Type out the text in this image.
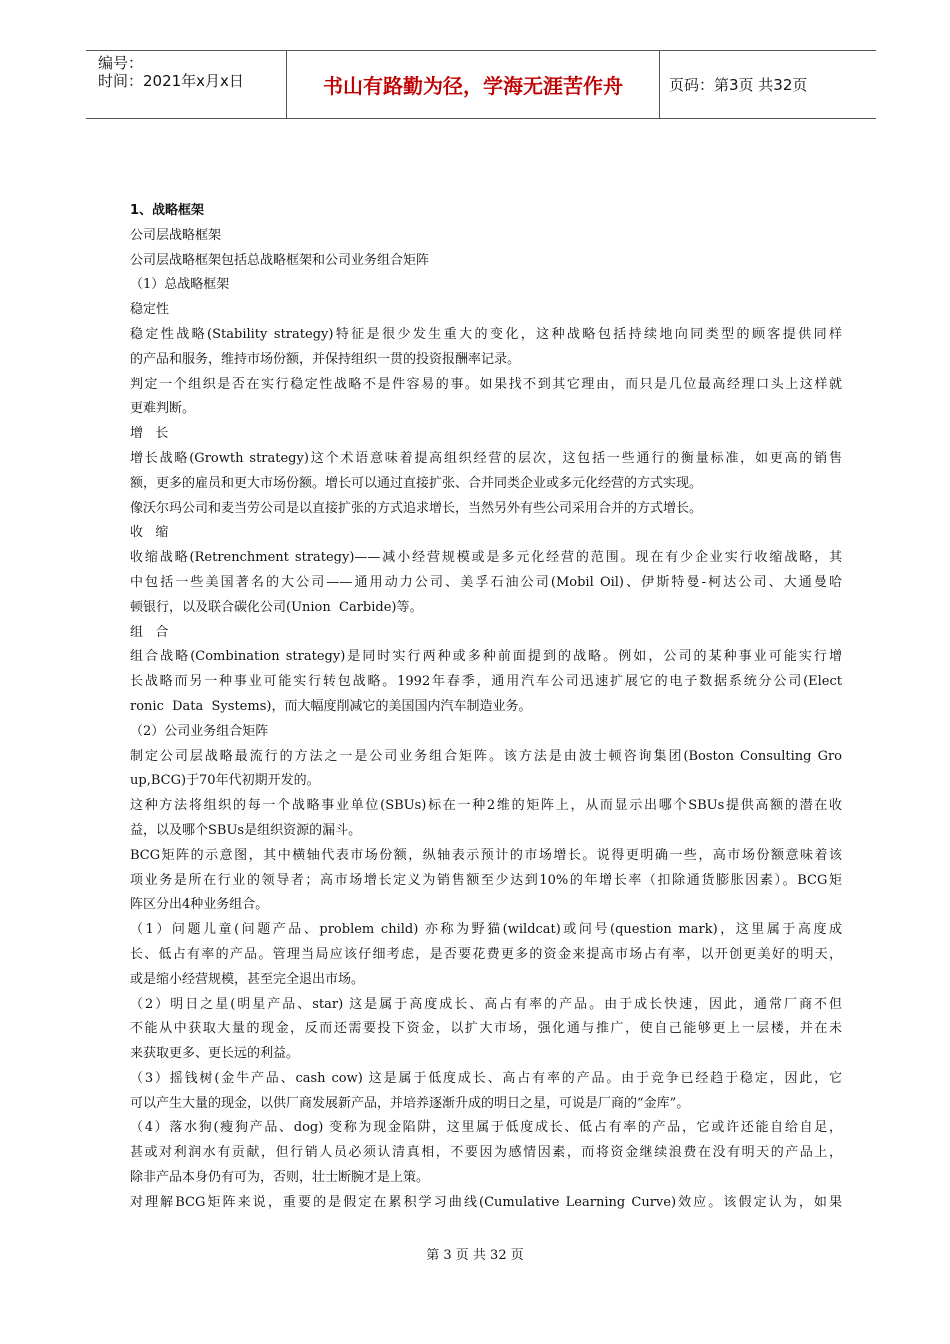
编号：
时间：2021年x月x日	书山有路勤为径，学海无涯苦作舟	页码：第3页 共32页
1、战略框架
公司层战略框架
公司层战略框架包括总战略框架和公司业务组合矩阵
（1）总战略框架
稳定性
稳定性战略(Stability strategy)特征是很少发生重大的变化，这种战略包括持续地向同类型的顾客提供同样
的产品和服务，维持市场份额，并保持组织一贯的投资报酬率记录。
判定一个组织是否在实行稳定性战略不是件容易的事。如果找不到其它理由，而只是几位最高经理口头上这样就
更难判断。
增   长
增长战略(Growth strategy)这个术语意味着提高组织经营的层次，这包括一些通行的衡量标准，如更高的销售
额，更多的雇员和更大市场份额。增长可以通过直接扩张、合并同类企业或多元化经营的方式实现。
像沃尔玛公司和麦当劳公司是以直接扩张的方式追求增长，当然另外有些公司采用合并的方式增长。
收   缩
收缩战略(Retrenchment strategy)——减小经营规模或是多元化经营的范围。现在有少企业实行收缩战略，其
中包括一些美国著名的大公司——通用动力公司、美孚石油公司(Mobil Oil)、伊斯特曼-柯达公司、大通曼哈
顿银行，以及联合碳化公司(Union  Carbide)等。
组   合
组合战略(Combination strategy)是同时实行两种或多种前面提到的战略。例如，公司的某种事业可能实行增
长战略而另一种事业可能实行转包战略。1992年春季，通用汽车公司迅速扩展它的电子数据系统分公司(Elect
ronic  Data  Systems)，而大幅度削减它的美国国内汽车制造业务。
（2）公司业务组合矩阵
制定公司层战略最流行的方法之一是公司业务组合矩阵。该方法是由波士顿咨询集团(Boston Consulting Gro
up,BCG)于70年代初期开发的。
这种方法将组织的每一个战略事业单位(SBUs)标在一种2维的矩阵上，从而显示出哪个SBUs提供高额的潜在收
益，以及哪个SBUs是组织资源的漏斗。
BCG矩阵的示意图，其中横轴代表市场份额，纵轴表示预计的市场增长。说得更明确一些，高市场份额意味着该
项业务是所在行业的领导者；高市场增长定义为销售额至少达到10%的年增长率（扣除通货膨胀因素）。BCG矩
阵区分出4种业务组合。
（1）问题儿童(问题产品、problem child) 亦称为野猫(wildcat)或问号(question mark)，这里属于高度成
长、低占有率的产品。管理当局应该仔细考虑，是否要花费更多的资金来提高市场占有率，以开创更美好的明天，
或是缩小经营规模，甚至完全退出市场。
（2）明日之星(明星产品、star) 这是属于高度成长、高占有率的产品。由于成长快速，因此，通常厂商不但
不能从中获取大量的现金，反而还需要投下资金，以扩大市场，强化通与推广，使自己能够更上一层楼，并在未
来获取更多、更长远的利益。
（3）摇钱树(金牛产品、cash cow) 这是属于低度成长、高占有率的产品。由于竞争已经趋于稳定，因此，它
可以产生大量的现金，以供厂商发展新产品，并培养逐渐升成的明日之星，可说是厂商的“金库”。
（4）落水狗(瘦狗产品、dog) 变称为现金陷阱，这里属于低度成长、低占有率的产品，它或许还能自给自足，
甚或对利润水有贡献，但行销人员必须认清真相，不要因为感情因素，而将资金继续浪费在没有明天的产品上，
除非产品本身仍有可为，否则，壮士断腕才是上策。
对理解BCG矩阵来说，重要的是假定在累积学习曲线(Cumulative Learning Curve)效应。该假定认为，如果
第 3 页 共 32 页
